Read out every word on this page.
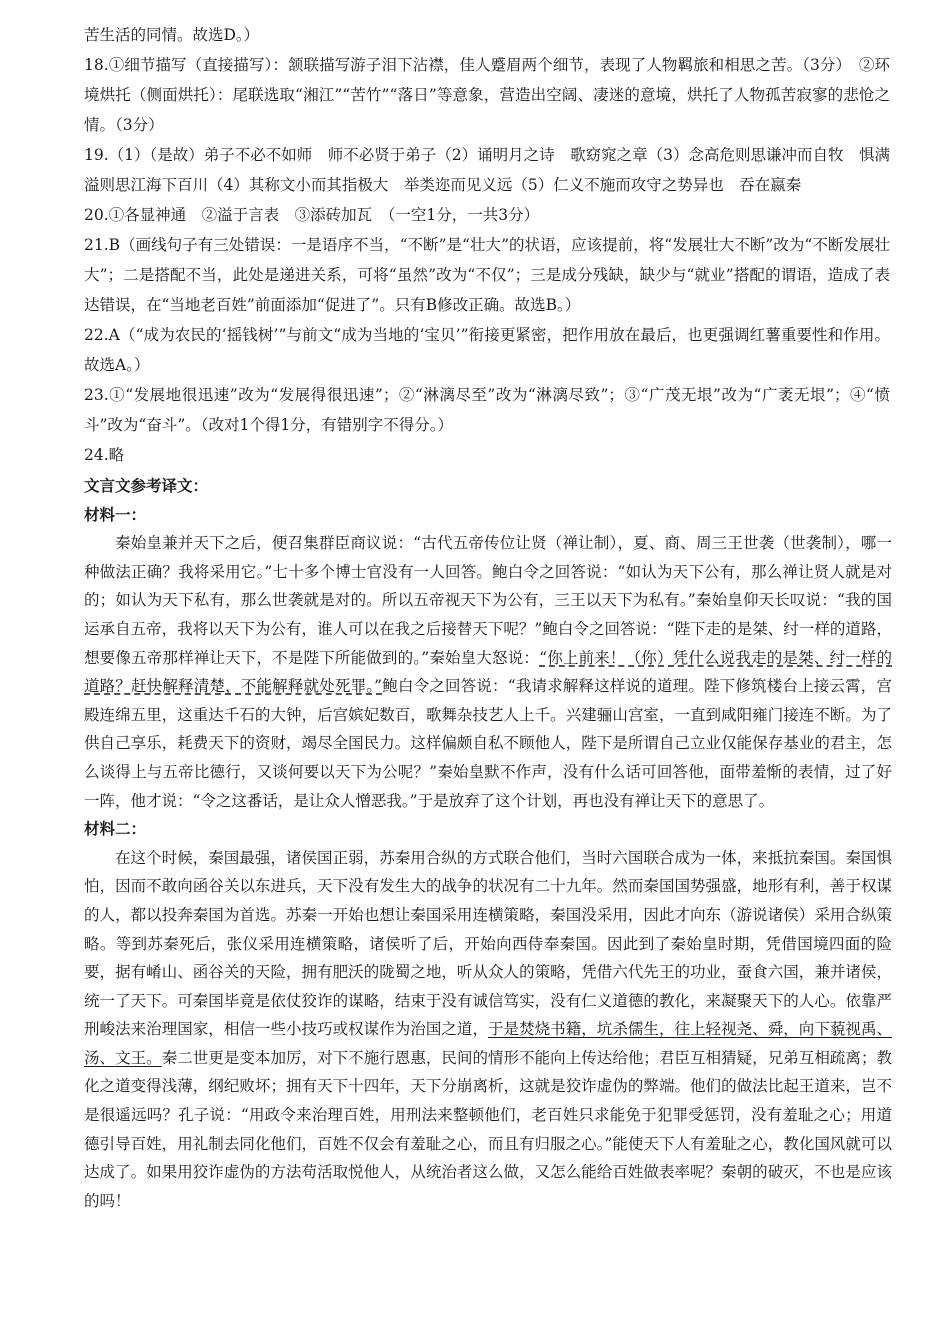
苦生活的同情。故选D。）

18.①细节描写（直接描写）：颔联描写游子泪下沾襟，佳人蹙眉两个细节，表现了人物羁旅和相思之苦。（3分）　②环境烘托（侧面烘托）：尾联选取“湘江”“苦竹”“落日”等意象，营造出空阔、凄迷的意境，烘托了人物孤苦寂寥的悲怆之情。（3分）

19.（1）（是故）弟子不必不如师　师不必贤于弟子（2）诵明月之诗　歌窈窕之章（3）念高危则思谦冲而自牧　惧满溢则思江海下百川（4）其称文小而其指极大　举类迩而见义远（5）仁义不施而攻守之势异也　吞在嬴秦

20.①各显神通　②溢于言表　③添砖加瓦　（一空1分，一共3分）

21.B（画线句子有三处错误：一是语序不当，“不断”是“壮大”的状语，应该提前，将“发展壮大不断”改为“不断发展壮大”；二是搭配不当，此处是递进关系，可将“虽然”改为“不仅”；三是成分残缺，缺少与“就业”搭配的谓语，造成了表达错误，在“当地老百姓”前面添加“促进了”。只有B修改正确。故选B。）

22.A（“成为农民的‘摇钱树’”与前文“成为当地的‘宝贝’”衔接更紧密，把作用放在最后，也更强调红薯重要性和作用。故选A。）

23.①“发展地很迅速”改为“发展得很迅速”；②“淋漓尽至”改为“淋漓尽致”；③“广茂无垠”改为“广袤无垠”；④“愤斗”改为“奋斗”。（改对1个得1分，有错别字不得分。）

24.略

文言文参考译文：

材料一：

秦始皇兼并天下之后，便召集群臣商议说：“古代五帝传位让贤（禅让制），夏、商、周三王世袭（世袭制），哪一种做法正确？我将采用它。”七十多个博士官没有一人回答。鲍白令之回答说：“如认为天下公有，那么禅让贤人就是对的；如认为天下私有，那么世袭就是对的。所以五帝视天下为公有，三王以天下为私有。”秦始皇仰天长叹说：“我的国运承自五帝，我将以天下为公有，谁人可以在我之后接替天下呢？”鲍白令之回答说：“陛下走的是桀、纣一样的道路，想要像五帝那样禅让天下，不是陛下所能做到的。”秦始皇大怒说：“你上前来！（你）凭什么说我走的是桀、纣一样的道路？赶快解释清楚，不能解释就处死罪。”鲍白令之回答说：“我请求解释这样说的道理。陛下修筑楼台上接云霄，宫殿连绵五里，这重达千石的大钟，后宫嫔妃数百，歌舞杂技艺人上千。兴建骊山宫室，一直到咸阳雍门接连不断。为了供自己享乐，耗费天下的资财，竭尽全国民力。这样偏颇自私不顾他人，陛下是所谓自己立业仅能保存基业的君主，怎么谈得上与五帝比德行，又谈何要以天下为公呢？”秦始皇默不作声，没有什么话可回答他，面带羞惭的表情，过了好一阵，他才说：“令之这番话，是让众人憎恶我。”于是放弃了这个计划，再也没有禅让天下的意思了。

材料二：

在这个时候，秦国最强，诸侯国正弱，苏秦用合纵的方式联合他们，当时六国联合成为一体，来抵抗秦国。秦国惧怕，因而不敢向函谷关以东进兵，天下没有发生大的战争的状况有二十九年。然而秦国国势强盛，地形有利，善于权谋的人，都以投奔秦国为首选。苏秦一开始也想让秦国采用连横策略，秦国没采用，因此才向东（游说诸侯）采用合纵策略。等到苏秦死后，张仪采用连横策略，诸侯听了后，开始向西侍奉秦国。因此到了秦始皇时期，凭借国境四面的险要，据有崤山、函谷关的天险，拥有肥沃的陇蜀之地，听从众人的策略，凭借六代先王的功业，蚕食六国，兼并诸侯，统一了天下。可秦国毕竟是依仗狡诈的谋略，结束于没有诚信笃实，没有仁义道德的教化，来凝聚天下的人心。依靠严刑峻法来治理国家，相信一些小技巧或权谋作为治国之道，于是焚烧书籍，坑杀儒生，往上轻视尧、舜，向下藐视禹、汤、文王。秦二世更是变本加厉，对下不施行恩惠，民间的情形不能向上传达给他；君臣互相猜疑，兄弟互相疏离；教化之道变得浅薄，纲纪败坏；拥有天下十四年，天下分崩离析，这就是狡诈虚伪的弊端。他们的做法比起王道来，岂不是很遥远吗？孔子说：“用政令来治理百姓，用刑法来整顿他们，老百姓只求能免于犯罪受惩罚，没有羞耻之心；用道德引导百姓，用礼制去同化他们，百姓不仅会有羞耻之心，而且有归服之心。”能使天下人有羞耻之心，教化国风就可以达成了。如果用狡诈虚伪的方法苟活取悦他人，从统治者这么做，又怎么能给百姓做表率呢？秦朝的破灭，不也是应该的吗！
